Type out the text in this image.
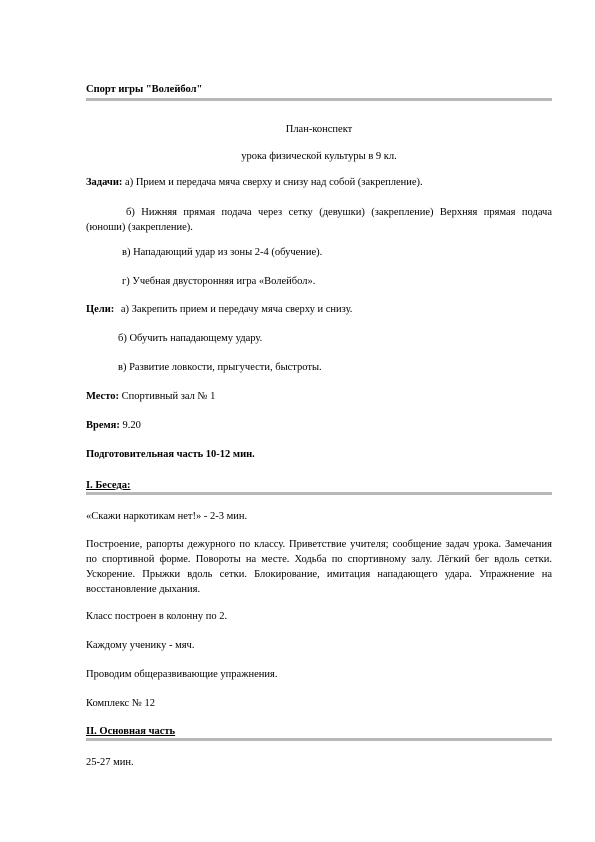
Спорт игры "Волейбол"
План-конспект
урока физической культуры в 9 кл.
Задачи: а) Прием и передача мяча сверху и снизу над собой (закрепление).
б) Нижняя прямая подача через сетку (девушки) (закрепление) Верхняя прямая подача (юноши) (закрепление).
в) Нападающий удар из зоны 2-4 (обучение).
г) Учебная двусторонняя игра «Волейбол».
Цели: а) Закрепить прием и передачу мяча сверху и снизу.
б) Обучить нападающему удару.
в) Развитие ловкости, прыгучести, быстроты.
Место: Спортивный зал № 1
Время: 9.20
Подготовительная часть 10-12 мин.
I. Беседа:
«Скажи наркотикам нет!» - 2-3 мин.
Построение, рапорты дежурного по классу. Приветствие учителя; сообщение задач урока. Замечания по спортивной форме. Повороты на месте. Ходьба по спортивному залу. Лёгкий бег вдоль сетки. Ускорение. Прыжки вдоль сетки. Блокирование, имитация нападающего удара. Упражнение на восстановление дыхания.
Класс построен в колонну по 2.
Каждому ученику - мяч.
Проводим общеразвивающие упражнения.
Комплекс № 12
II. Основная часть
25-27 мин.
